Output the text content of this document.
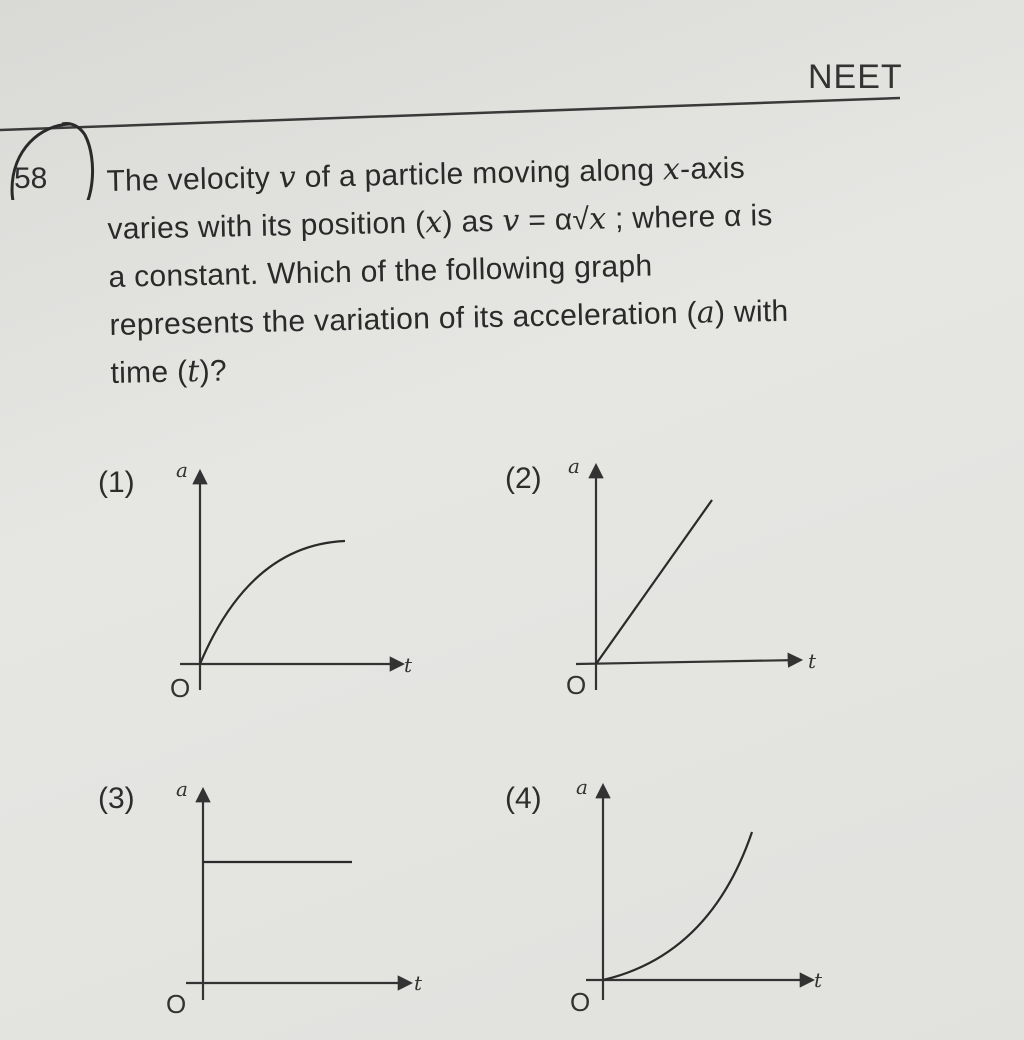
NEET
58 The velocity v of a particle moving along x-axis
varies with its position (x) as v = α√x ; where α is
a constant. Which of the following graph
represents the variation of its acceleration (a) with
time (t)?
(1)	(2)
(3)	(4)
a
t
O
a
t
O
a
t
O
a
t
O
